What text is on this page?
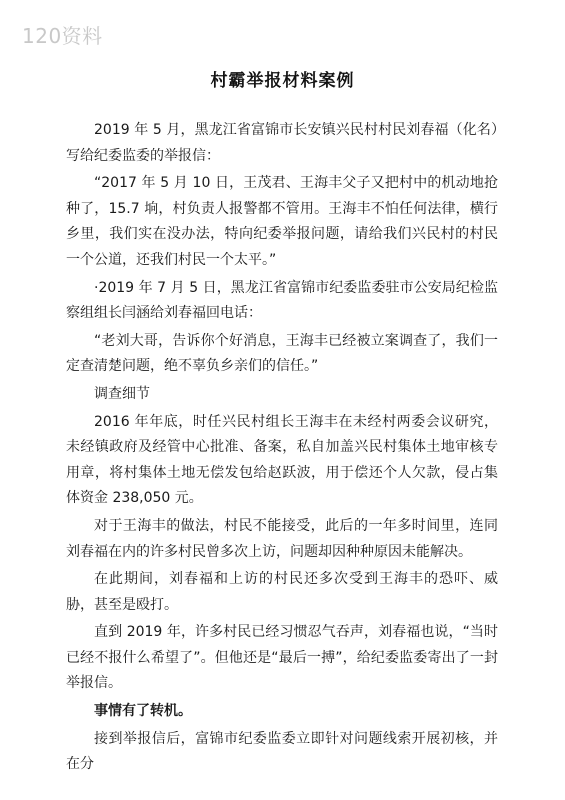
120资料
村霸举报材料案例

2019 年 5 月，黑龙江省富锦市长安镇兴民村村民刘春福（化名）写给纪委监委的举报信：

“2017 年 5 月 10 日，王茂君、王海丰父子又把村中的机动地抢种了，15.7 垧，村负责人报警都不管用。王海丰不怕任何法律，横行乡里，我们实在没办法，特向纪委举报问题，请给我们兴民村的村民一个公道，还我们村民一个太平。”

·2019 年 7 月 5 日，黑龙江省富锦市纪委监委驻市公安局纪检监察组组长闫涵给刘春福回电话：

“老刘大哥，告诉你个好消息，王海丰已经被立案调查了，我们一定查清楚问题，绝不辜负乡亲们的信任。”

调查细节

2016 年年底，时任兴民村组长王海丰在未经村两委会议研究，未经镇政府及经管中心批准、备案，私自加盖兴民村集体土地审核专用章，将村集体土地无偿发包给赵跃波，用于偿还个人欠款，侵占集体资金 238,050 元。

对于王海丰的做法，村民不能接受，此后的一年多时间里，连同刘春福在内的许多村民曾多次上访，问题却因种种原因未能解决。

在此期间，刘春福和上访的村民还多次受到王海丰的恐吓、威胁，甚至是殴打。

直到 2019 年，许多村民已经习惯忍气吞声，刘春福也说，“当时已经不报什么希望了”。但他还是“最后一搏”，给纪委监委寄出了一封举报信。

事情有了转机。

接到举报信后，富锦市纪委监委立即针对问题线索开展初核，并在分
